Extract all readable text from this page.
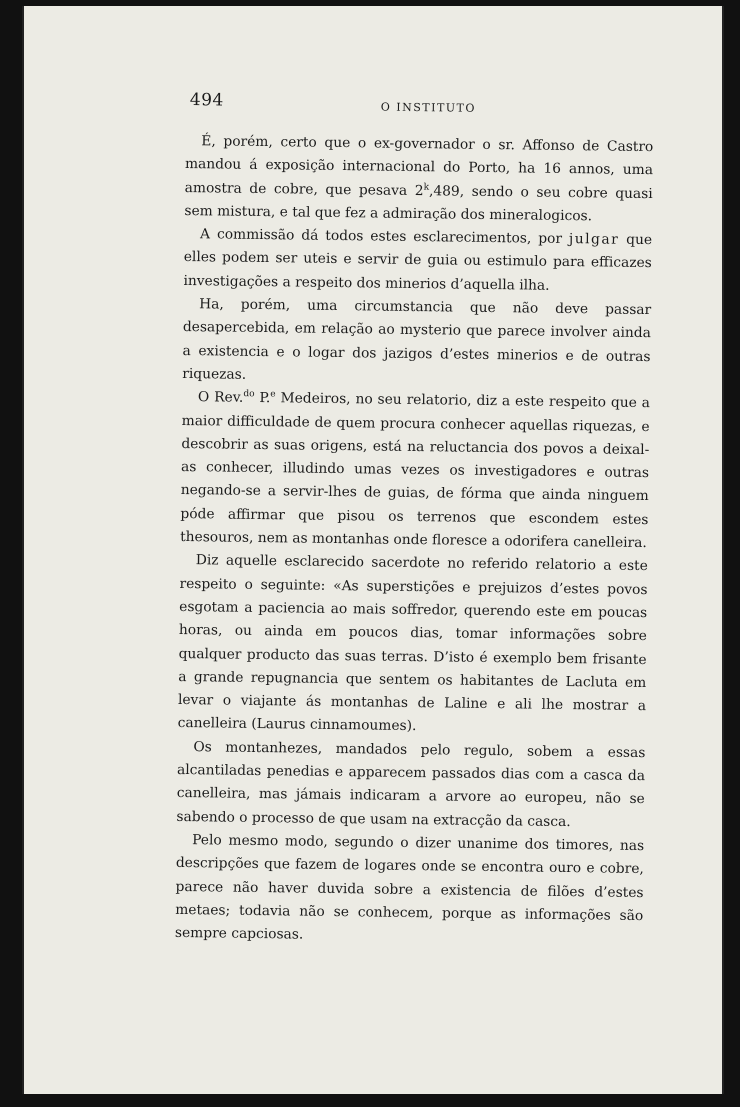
494	O INSTITUTO

É, porém, certo que o ex-governador o sr. Affonso de Castro mandou á exposição internacional do Porto, ha 16 annos, uma amostra de cobre, que pesava 2$^k$,489, sendo o seu cobre quasi sem mistura, e tal que fez a admiração dos mineralogicos.

A commissão dá todos estes esclarecimentos, por julgar que elles podem ser uteis e servir de guia ou estimulo para efficazes investigações a respeito dos minerios d’aquella ilha.

Ha, porém, uma circumstancia que não deve passar desapercebida, em relação ao mysterio que parece involver ainda a existencia e o logar dos jazigos d’estes minerios e de outras riquezas.

O Rev.$^{do}$ P.$^e$ Medeiros, no seu relatorio, diz a este respeito que a maior difficuldade de quem procura conhecer aquellas riquezas, e descobrir as suas origens, está na reluctancia dos povos a deixal-as conhecer, illudindo umas vezes os investigadores e outras negando-se a servir-lhes de guias, de fórma que ainda ninguem póde affirmar que pisou os terrenos que escondem estes thesouros, nem as montanhas onde floresce a odorifera canelleira.

Diz aquelle esclarecido sacerdote no referido relatorio a este respeito o seguinte: «As superstições e prejuizos d’estes povos esgotam a paciencia ao mais soffredor, querendo este em poucas horas, ou ainda em poucos dias, tomar informações sobre qualquer producto das suas terras. D’isto é exemplo bem frisante a grande repugnancia que sentem os habitantes de Lacluta em levar o viajante ás montanhas de Laline e ali lhe mostrar a canelleira (Laurus cinnamoumes).

Os montanhezes, mandados pelo regulo, sobem a essas alcantiladas penedias e apparecem passados dias com a casca da canelleira, mas jámais indicaram a arvore ao europeu, não se sabendo o processo de que usam na extracção da casca.

Pelo mesmo modo, segundo o dizer unanime dos timores, nas descripções que fazem de logares onde se encontra ouro e cobre, parece não haver duvida sobre a existencia de filões d’estes metaes; todavia não se conhecem, porque as informações são sempre capciosas.
